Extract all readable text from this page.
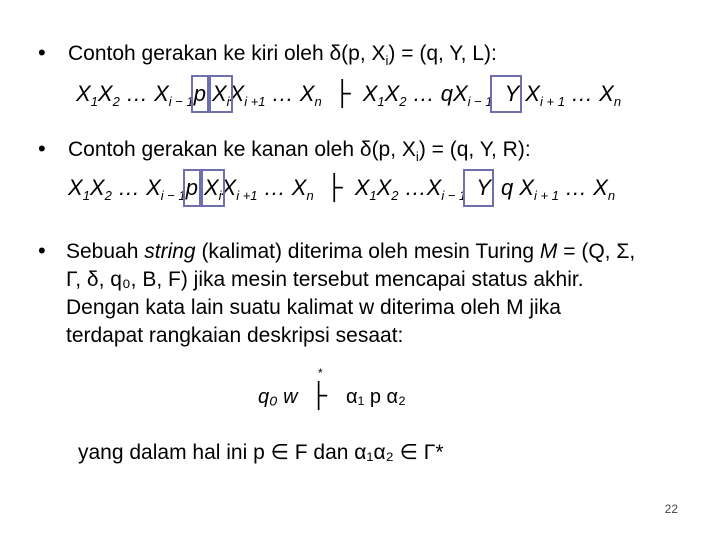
• Contoh gerakan ke kiri oleh δ(p, $X_i) = (q$, Y, L):
$X_1X_2$ … $X_{i - 1}p$ $X_iX_{i +1}$ … $X_n$ ├ $X_1X_2$ … $qX_{i - 1}$ Y $X_{i + 1}$ … $X_n$
• Contoh gerakan ke kanan oleh δ(p, $X_i) = (q$, Y, R):
$X_1X_2$ … $X_{i - 1}p$ $X_iX_{i +1}$ … $X_n$ ├ $X_1X_2$ $\dots X_{i - 1}$ Y q $X_{i + 1}$ … $X_n$
• Sebuah string (kalimat) diterima oleh mesin Turing M = (Q, Σ,
Γ, δ, q₀, B, F) jika mesin tersebut mencapai status akhir.
Dengan kata lain suatu kalimat w diterima oleh M jika
terdapat rangkaian deskripsi sesaat:
q₀ w ├
*
α₁ p α₂
yang dalam hal ini p ∈ F dan α₁α₂ ∈ Γ*
22
